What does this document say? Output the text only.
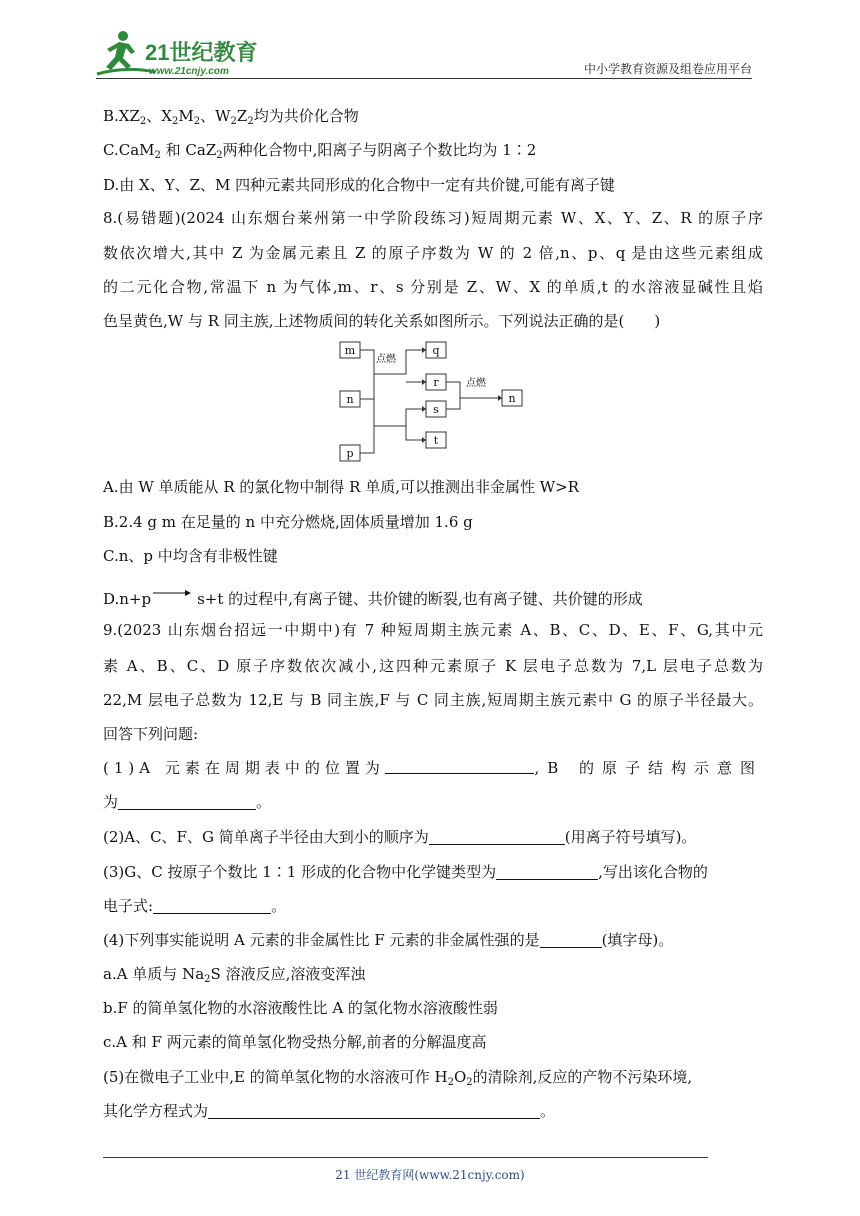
21世纪教育
www.21cnjy.com	中小学教育资源及组卷应用平台
$B.XZ_2$、$X_2M_2$、$W_2Z_2$均为共价化合物
C.CaM$_2$ 和 CaZ$_2$两种化合物中,阳离子与阴离子个数比均为 1∶2
D.由 X、Y、Z、M 四种元素共同形成的化合物中一定有共价键,可能有离子键
8.(易错题)(2024 山东烟台莱州第一中学阶段练习)短周期元素 W、X、Y、Z、R 的原子序
数依次增大,其中 Z 为金属元素且 Z 的原子序数为 W 的 2 倍,n、p、q 是由这些元素组成
的二元化合物,常温下 n 为气体,m、r、s 分别是 Z、W、X 的单质,t 的水溶液显碱性且焰
色呈黄色,W 与 R 同主族,上述物质间的转化关系如图所示。下列说法正确的是(　　)
m
n
p
q
r
s
t
n
点燃
点燃
A.由 W 单质能从 R 的氯化物中制得 R 单质,可以推测出非金属性 W>R
B.2.4 g m 在足量的 n 中充分燃烧,固体质量增加 1.6 g
C.n、p 中均含有非极性键
D.n+p	s+t 的过程中,有离子键、共价键的断裂,也有离子键、共价键的形成
9.(2023 山东烟台招远一中期中)有 7 种短周期主族元素 A、B、C、D、E、F、G,其中元
素 A、B、C、D 原子序数依次减小,这四种元素原子 K 层电子总数为 7,L 层电子总数为
22,M 层电子总数为 12,E 与 B 同主族,F 与 C 同主族,短周期主族元素中 G 的原子半径最大。
回答下列问题:
(1)A 元素在周期表中的位置为	,B 的原子结构示意图
为	。
(2)A、C、F、G 简单离子半径由大到小的顺序为	(用离子符号填写)。
(3)G、C 按原子个数比 1∶1 形成的化合物中化学键类型为	,写出该化合物的
电子式:	。
(4)下列事实能说明 A 元素的非金属性比 F 元素的非金属性强的是	(填字母)。
a.A 单质与 $Na_2S$ 溶液反应,溶液变浑浊
b.F 的简单氢化物的水溶液酸性比 A 的氢化物水溶液酸性弱
c.A 和 F 两元素的简单氢化物受热分解,前者的分解温度高
(5)在微电子工业中,E 的简单氢化物的水溶液可作 $H_2O_2$的清除剂,反应的产物不污染环境,
其化学方程式为	。
21 世纪教育网(www.21cnjy.com)
